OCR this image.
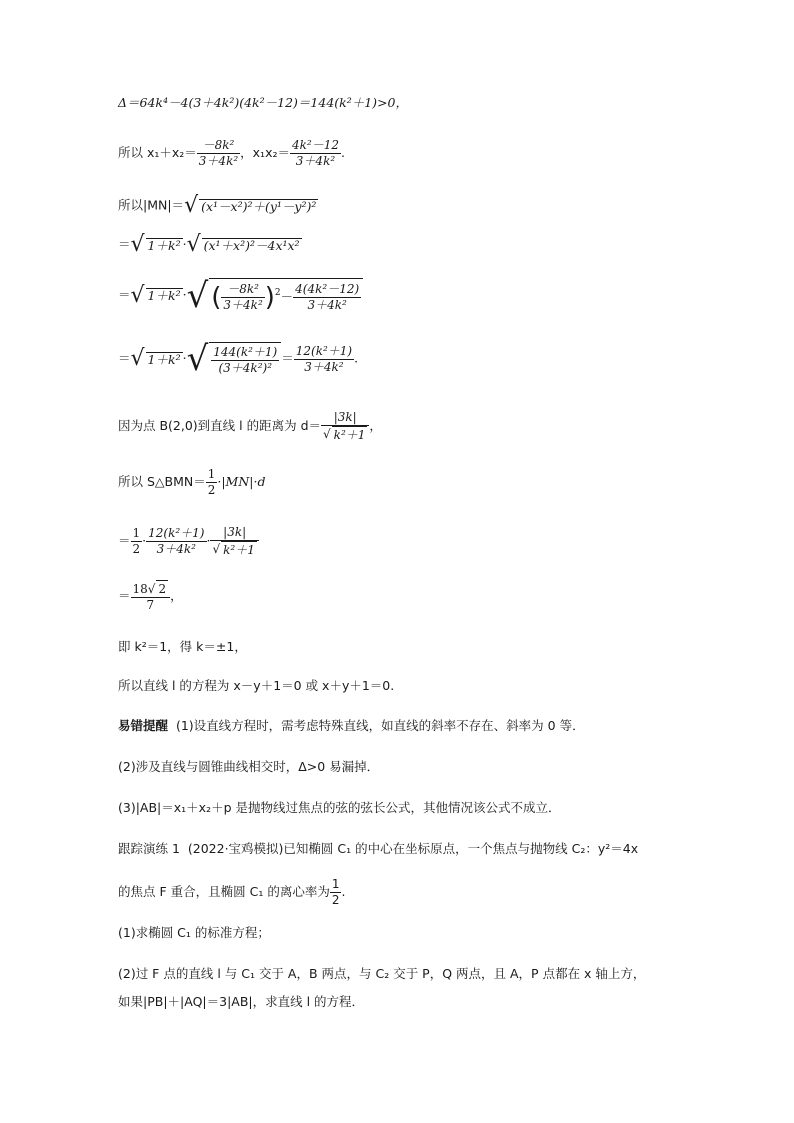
Δ＝64k⁴－4(3＋4k²)(4k²－12)＝144(k²＋1)>0，
所以 $x_1+x_2= \frac{\text{－8k²}}{\text{3＋4k²}}$ ，$x_1x_2= \frac{\text{4k²－12}}{\text{3＋4k²}}$ .
所以|MN|＝√ (x¹－x²)²＋(y¹－y²)²
＝√ 1＋k² ·√ (x¹＋x²)²－4x¹x²
＝√ 1＋k² ·√ ( $\frac{\text{－8k²}}{\text{3＋4k²}} )^2- \frac{\text{4(4k²－12)}}{\text{3＋4k²}}$
＝√ 1＋k² ·√ $\frac{\text{144(k²＋1)}}{\text{(3＋4k²)²}} = \frac{\text{12(k²＋1)}}{\text{3＋4k²}}$ .
因为点 B(2,0)到直线 l 的距离为 $d= \frac{|3k|}{\text{√ k²＋1}}$ ，
所以 S△BMN＝ $\frac{1}{2} \cdot|MN|\cdot d$
＝ $\frac{1}{2} \cdot \frac{\text{12(k²＋1)}}{\text{3＋4k²}} \cdot \frac{|3k|}{\text{√ k²＋1}}$
＝ $\frac{18√ 2}{7}$ ，
即 k²＝1，得 k＝±1，
所以直线 l 的方程为 x－y＋1＝0 或 x＋y＋1＝0.
易错提醒 (1)设直线方程时，需考虑特殊直线，如直线的斜率不存在、斜率为 0 等．
(2)涉及直线与圆锥曲线相交时，Δ>0 易漏掉．
(3)|AB|＝x₁＋x₂＋p 是抛物线过焦点的弦的弦长公式，其他情况该公式不成立．
跟踪演练 1 (2022·宝鸡模拟)已知椭圆 C₁ 的中心在坐标原点，一个焦点与抛物线 C₂：y²＝4x
的焦点 F 重合，且椭圆 C₁ 的离心率为 $\frac{1}{2}$ .
(1)求椭圆 C₁ 的标准方程；
(2)过 F 点的直线 l 与 C₁ 交于 A，B 两点，与 C₂ 交于 P，Q 两点，且 A，P 点都在 x 轴上方，
如果|PB|＋|AQ|＝3|AB|，求直线 l 的方程．
